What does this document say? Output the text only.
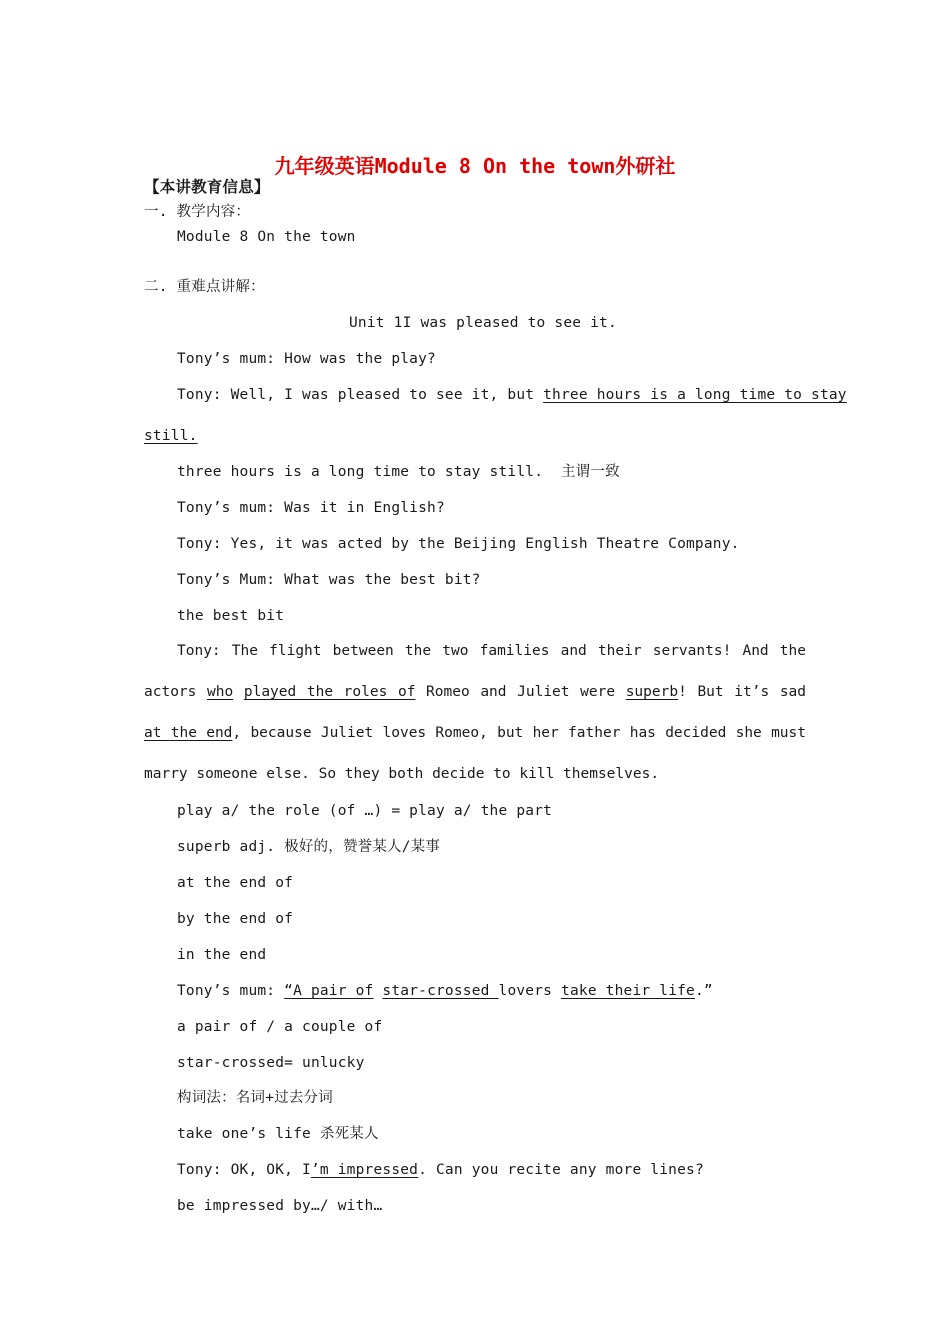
九年级英语Module 8 On the town外研社
【本讲教育信息】
一. 教学内容：
Module 8 On the town
二. 重难点讲解：
Unit 1I was pleased to see it.
Tony’s mum: How was the play?
Tony: Well, I was pleased to see it, but three hours is a long time to stay
still.
three hours is a long time to stay still.  主谓一致
Tony’s mum: Was it in English?
Tony: Yes, it was acted by the Beijing English Theatre Company.
Tony’s Mum: What was the best bit?
the best bit
Tony: The flight between the two families and their servants! And the actors who played the roles of Romeo and Juliet were superb! But it’s sad at the end, because Juliet loves Romeo, but her father has decided she must marry someone else. So they both decide to kill themselves.
play a/ the role (of …) = play a/ the part
superb adj. 极好的，赞誉某人/某事
at the end of
by the end of
in the end
Tony’s mum: “A pair of star-crossed lovers take their life.”
a pair of / a couple of
star-crossed= unlucky
构词法：名词+过去分词
take one’s life 杀死某人
Tony: OK, OK, I’m impressed. Can you recite any more lines?
be impressed by…/ with…
